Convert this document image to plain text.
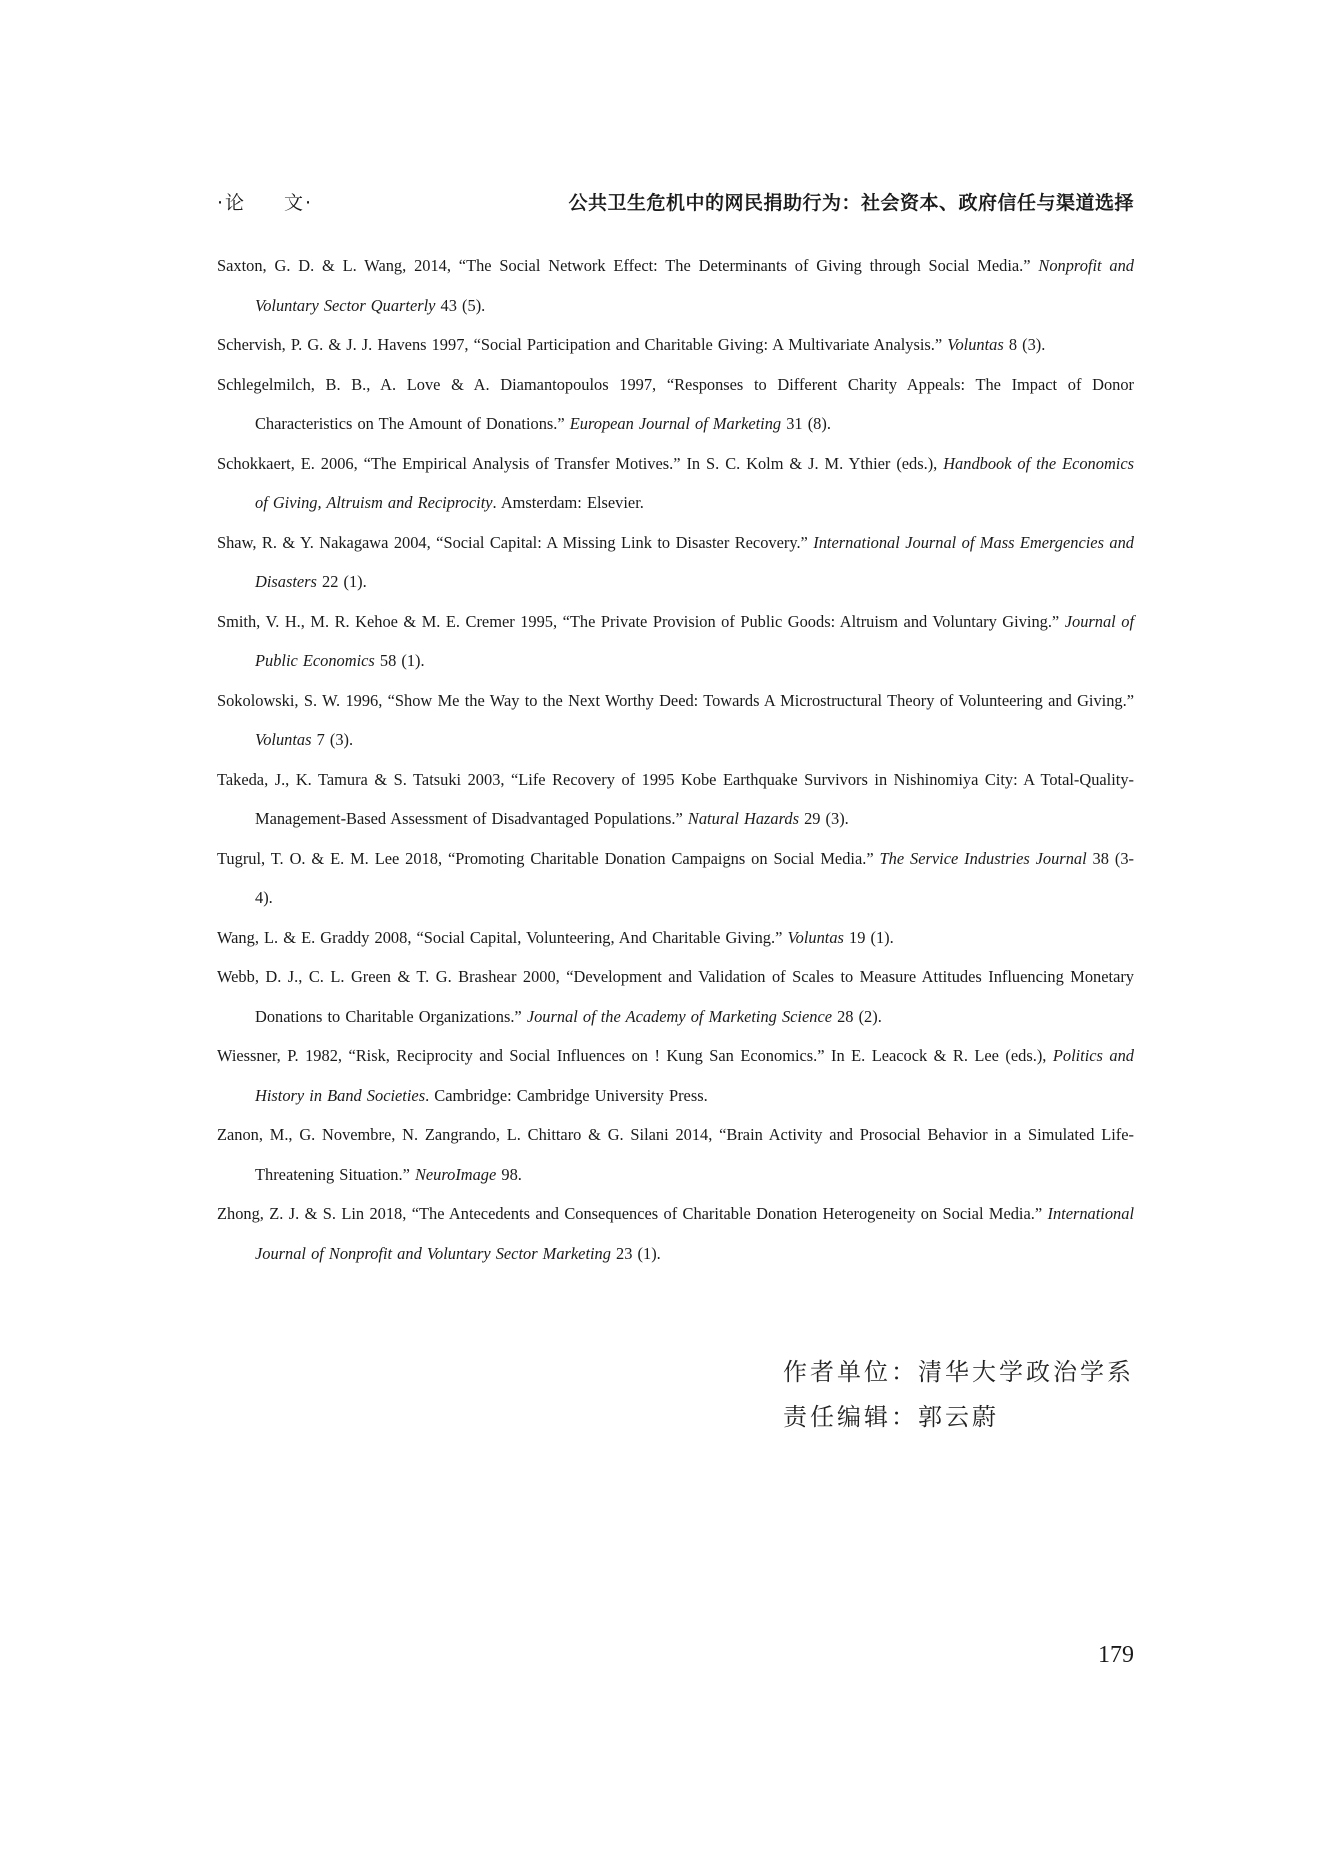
·论 文·	公共卫生危机中的网民捐助行为：社会资本、政府信任与渠道选择

Saxton, G. D. & L. Wang, 2014, “The Social Network Effect: The Determinants of Giving through Social Media.” Nonprofit and Voluntary Sector Quarterly 43 (5).

Schervish, P. G. & J. J. Havens 1997, “Social Participation and Charitable Giving: A Multivariate Analysis.” Voluntas 8 (3).

Schlegelmilch, B. B., A. Love & A. Diamantopoulos 1997, “Responses to Different Charity Appeals: The Impact of Donor Characteristics on The Amount of Donations.” European Journal of Marketing 31 (8).

Schokkaert, E. 2006, “The Empirical Analysis of Transfer Motives.” In S. C. Kolm & J. M. Ythier (eds.), Handbook of the Economics of Giving, Altruism and Reciprocity. Amsterdam: Elsevier.

Shaw, R. & Y. Nakagawa 2004, “Social Capital: A Missing Link to Disaster Recovery.” International Journal of Mass Emergencies and Disasters 22 (1).

Smith, V. H., M. R. Kehoe & M. E. Cremer 1995, “The Private Provision of Public Goods: Altruism and Voluntary Giving.” Journal of Public Economics 58 (1).

Sokolowski, S. W. 1996, “Show Me the Way to the Next Worthy Deed: Towards A Microstructural Theory of Volunteering and Giving.” Voluntas 7 (3).

Takeda, J., K. Tamura & S. Tatsuki 2003, “Life Recovery of 1995 Kobe Earthquake Survivors in Nishinomiya City: A Total-Quality-Management-Based Assessment of Disadvantaged Populations.” Natural Hazards 29 (3).

Tugrul, T. O. & E. M. Lee 2018, “Promoting Charitable Donation Campaigns on Social Media.” The Service Industries Journal 38 (3-4).

Wang, L. & E. Graddy 2008, “Social Capital, Volunteering, And Charitable Giving.” Voluntas 19 (1).

Webb, D. J., C. L. Green & T. G. Brashear 2000, “Development and Validation of Scales to Measure Attitudes Influencing Monetary Donations to Charitable Organizations.” Journal of the Academy of Marketing Science 28 (2).

Wiessner, P. 1982, “Risk, Reciprocity and Social Influences on ! Kung San Economics.” In E. Leacock & R. Lee (eds.), Politics and History in Band Societies. Cambridge: Cambridge University Press.

Zanon, M., G. Novembre, N. Zangrando, L. Chittaro & G. Silani 2014, “Brain Activity and Prosocial Behavior in a Simulated Life-Threatening Situation.” NeuroImage 98.

Zhong, Z. J. & S. Lin 2018, “The Antecedents and Consequences of Charitable Donation Heterogeneity on Social Media.” International Journal of Nonprofit and Voluntary Sector Marketing 23 (1).

作者单位：清华大学政治学系
责任编辑：郭云蔚
179
